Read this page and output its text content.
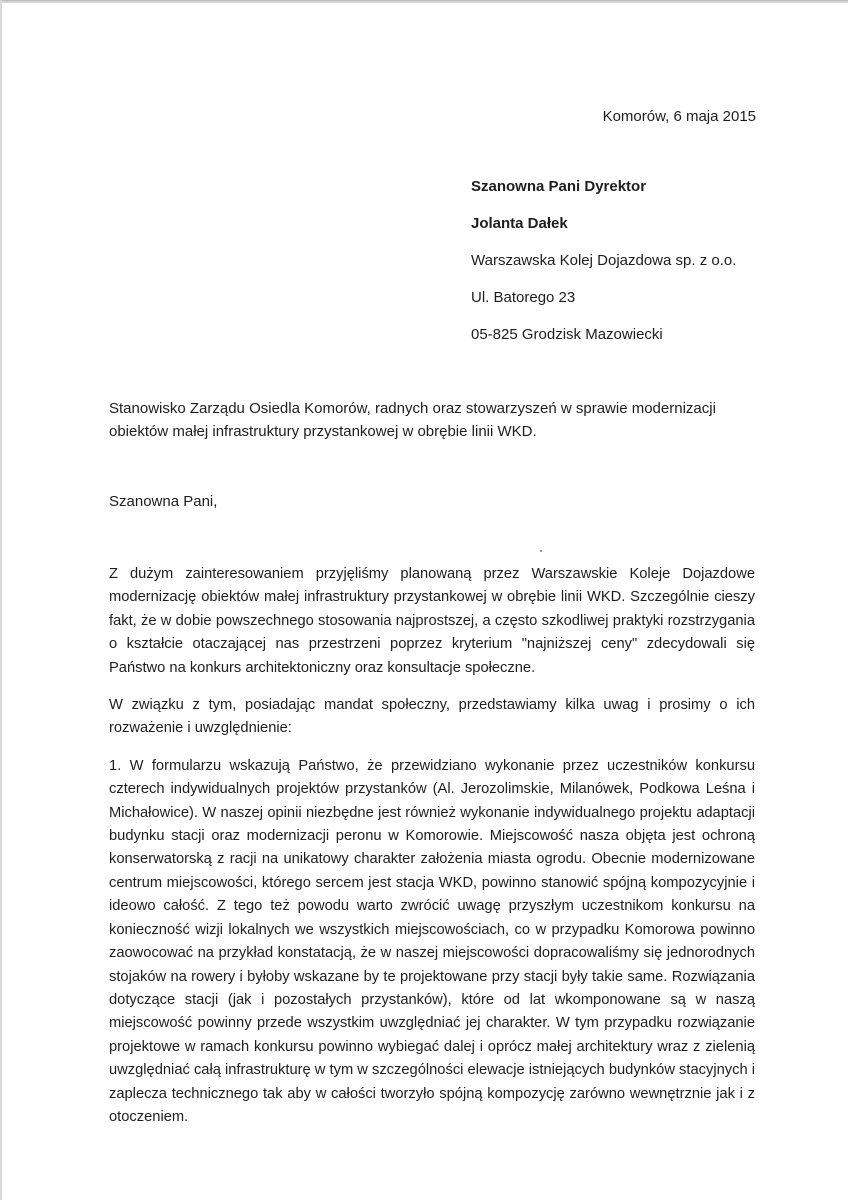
Komorów, 6 maja 2015
Szanowna Pani Dyrektor
Jolanta Dałek
Warszawska Kolej Dojazdowa sp. z o.o.
Ul. Batorego 23
05-825 Grodzisk Mazowiecki
Stanowisko Zarządu Osiedla Komorów, radnych oraz stowarzyszeń w sprawie modernizacji obiektów małej infrastruktury przystankowej w obrębie linii WKD.
Szanowna Pani,

Z dużym zainteresowaniem przyjęliśmy planowaną przez Warszawskie Koleje Dojazdowe modernizację obiektów małej infrastruktury przystankowej w obrębie linii WKD. Szczególnie cieszy fakt, że w dobie powszechnego stosowania najprostszej, a często szkodliwej praktyki rozstrzygania o kształcie otaczającej nas przestrzeni poprzez kryterium "najniższej ceny" zdecydowali się Państwo na konkurs architektoniczny oraz konsultacje społeczne.

W związku z tym, posiadając mandat społeczny, przedstawiamy kilka uwag i prosimy o ich rozważenie i uwzględnienie:

1. W formularzu wskazują Państwo, że przewidziano wykonanie przez uczestników konkursu czterech indywidualnych projektów przystanków (Al. Jerozolimskie, Milanówek, Podkowa Leśna i Michałowice). W naszej opinii niezbędne jest również wykonanie indywidualnego projektu adaptacji budynku stacji oraz modernizacji peronu w Komorowie. Miejscowość nasza objęta jest ochroną konserwatorską z racji na unikatowy charakter założenia miasta ogrodu. Obecnie modernizowane centrum miejscowości, którego sercem jest stacja WKD, powinno stanowić spójną kompozycyjnie i ideowo całość. Z tego też powodu warto zwrócić uwagę przyszłym uczestnikom konkursu na konieczność wizji lokalnych we wszystkich miejscowościach, co w przypadku Komorowa powinno zaowocować na przykład konstatacją, że w naszej miejscowości dopracowaliśmy się jednorodnych stojaków na rowery i byłoby wskazane by te projektowane przy stacji były takie same. Rozwiązania dotyczące stacji (jak i pozostałych przystanków), które od lat wkomponowane są w naszą miejscowość powinny przede wszystkim uwzględniać jej charakter. W tym przypadku rozwiązanie projektowe w ramach konkursu powinno wybiegać dalej i oprócz małej architektury wraz z zielenią uwzględniać całą infrastrukturę w tym w szczególności elewacje istniejących budynków stacyjnych i zaplecza technicznego tak aby w całości tworzyło spójną kompozycję zarówno wewnętrznie jak i z otoczeniem.
